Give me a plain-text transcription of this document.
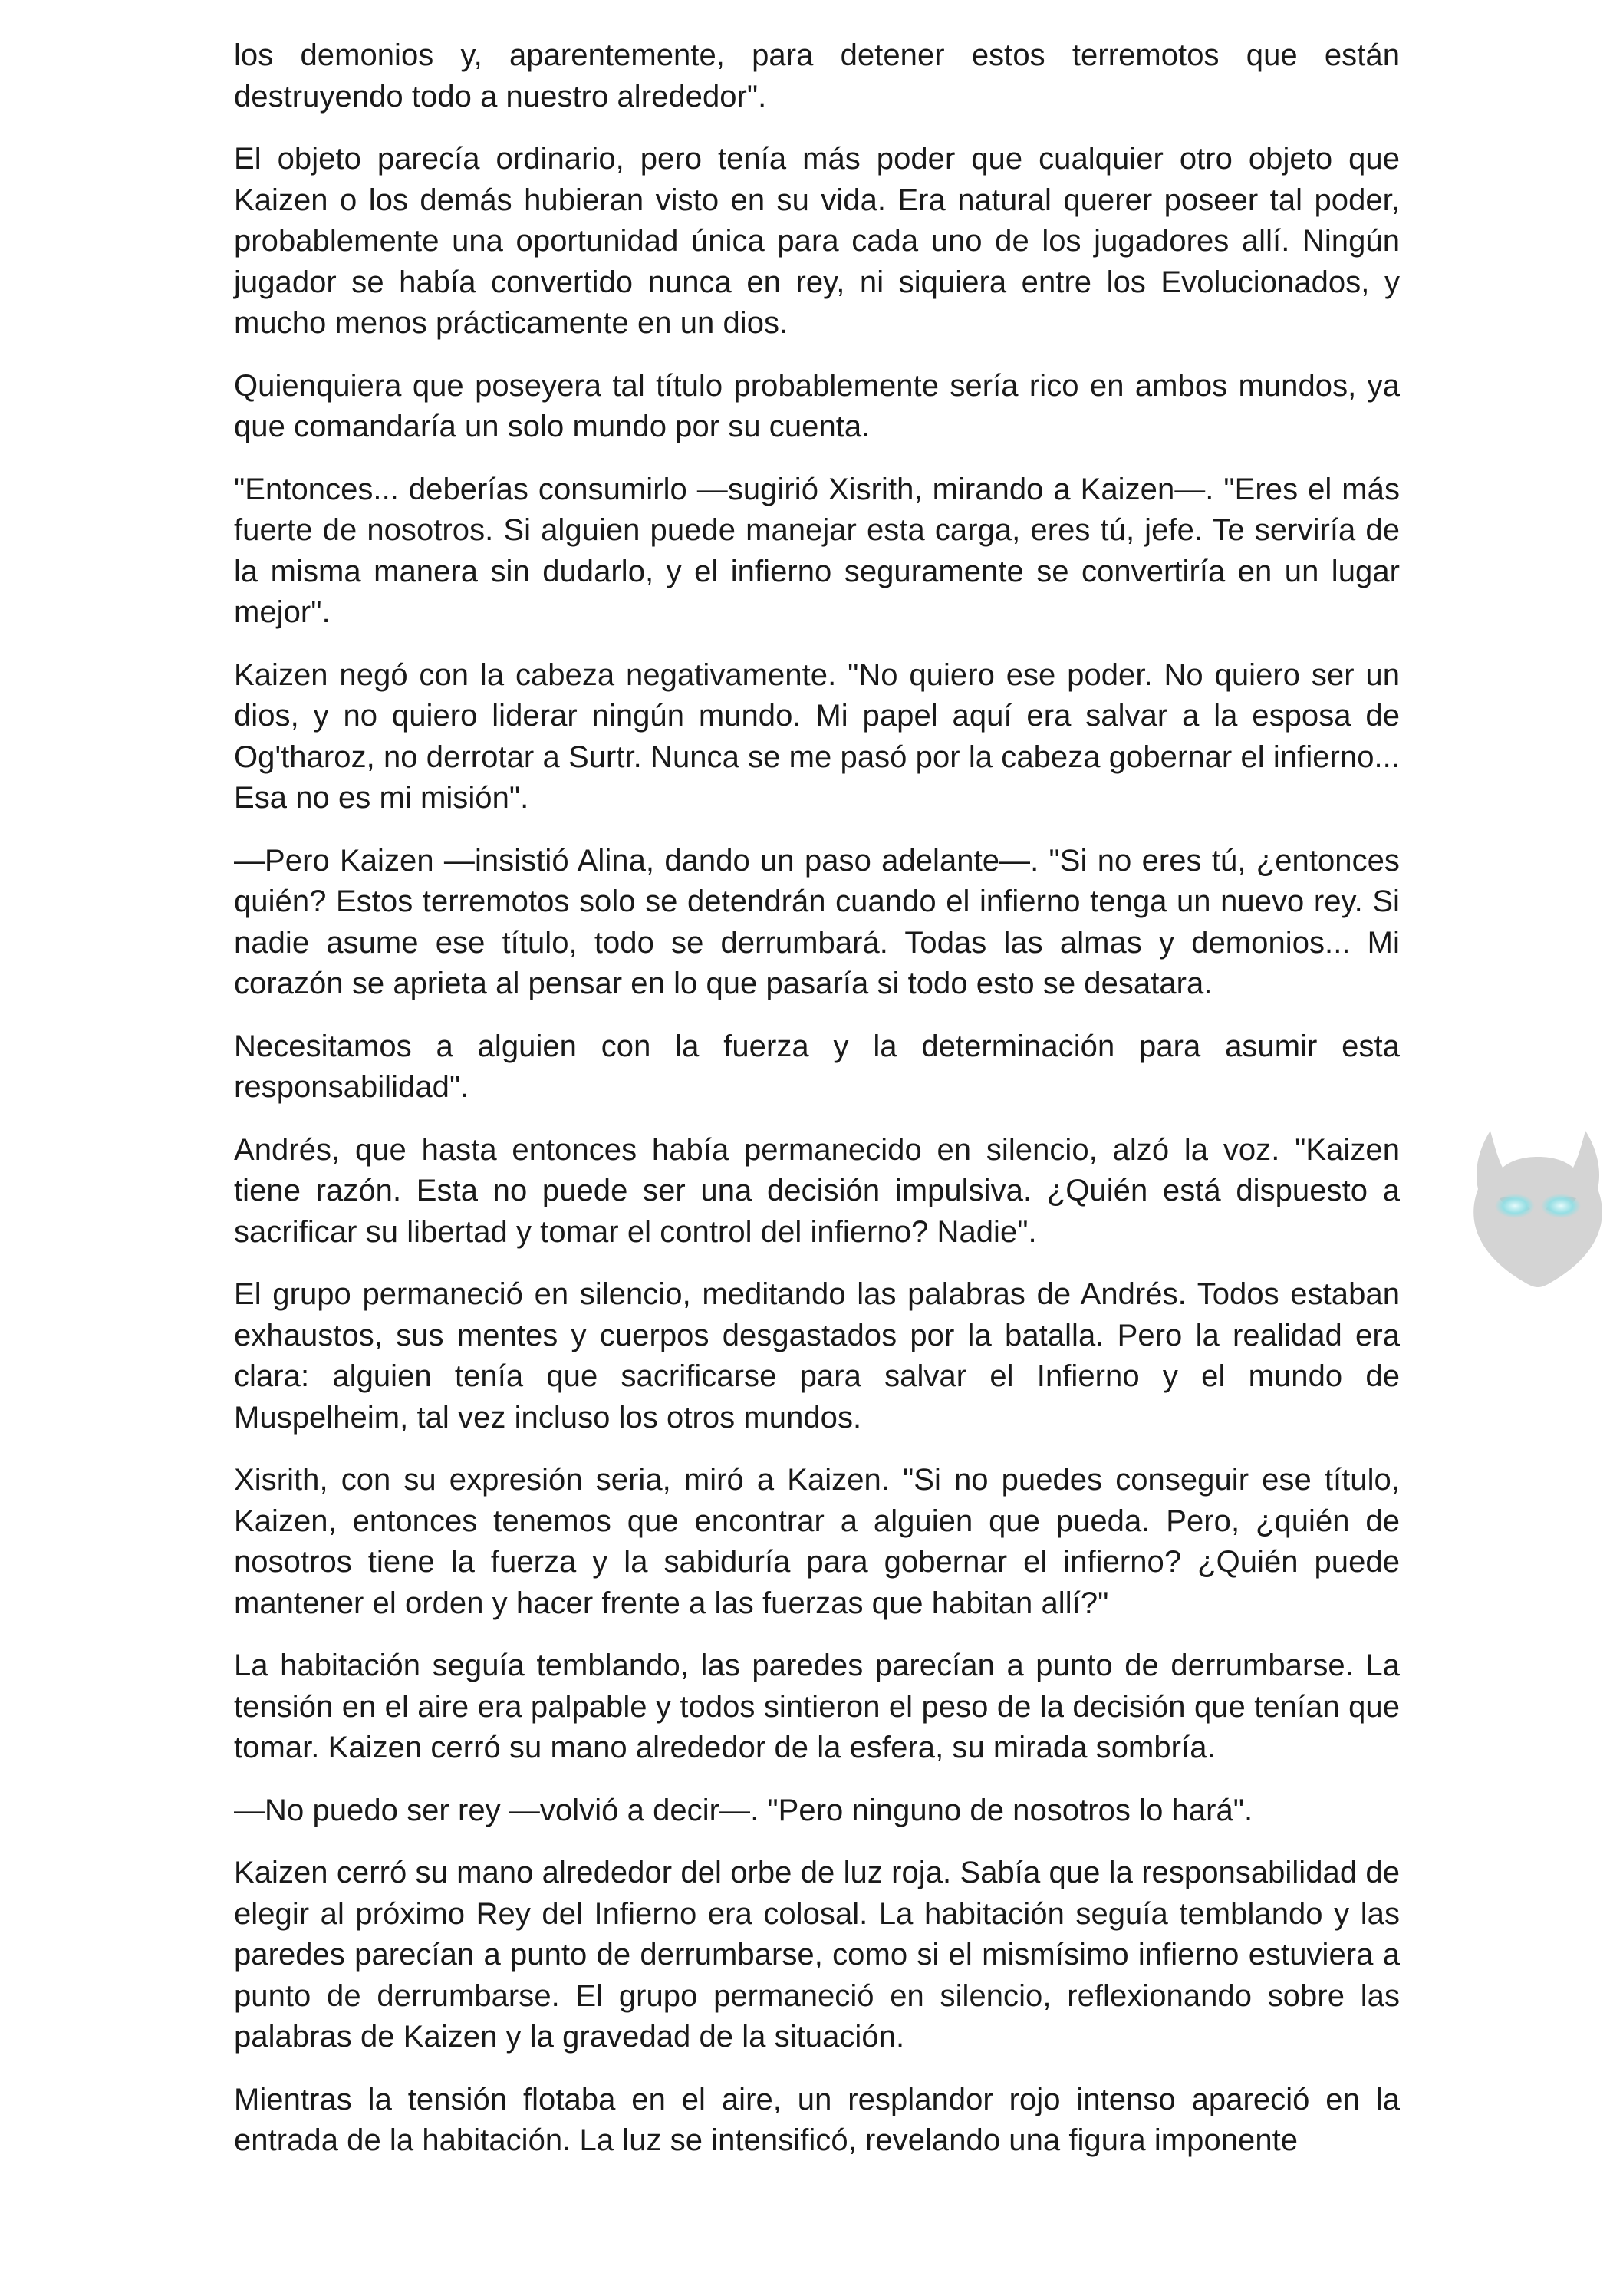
los demonios y, aparentemente, para detener estos terremotos que están destruyendo todo a nuestro alrededor".

El objeto parecía ordinario, pero tenía más poder que cualquier otro objeto que Kaizen o los demás hubieran visto en su vida. Era natural querer poseer tal poder, probablemente una oportunidad única para cada uno de los jugadores allí. Ningún jugador se había convertido nunca en rey, ni siquiera entre los Evolucionados, y mucho menos prácticamente en un dios.

Quienquiera que poseyera tal título probablemente sería rico en ambos mundos, ya que comandaría un solo mundo por su cuenta.

"Entonces... deberías consumirlo —sugirió Xisrith, mirando a Kaizen—. "Eres el más fuerte de nosotros. Si alguien puede manejar esta carga, eres tú, jefe. Te serviría de la misma manera sin dudarlo, y el infierno seguramente se convertiría en un lugar mejor".

Kaizen negó con la cabeza negativamente. "No quiero ese poder. No quiero ser un dios, y no quiero liderar ningún mundo. Mi papel aquí era salvar a la esposa de Og'tharoz, no derrotar a Surtr. Nunca se me pasó por la cabeza gobernar el infierno... Esa no es mi misión".

—Pero Kaizen —insistió Alina, dando un paso adelante—. "Si no eres tú, ¿entonces quién? Estos terremotos solo se detendrán cuando el infierno tenga un nuevo rey. Si nadie asume ese título, todo se derrumbará. Todas las almas y demonios... Mi corazón se aprieta al pensar en lo que pasaría si todo esto se desatara.

Necesitamos a alguien con la fuerza y la determinación para asumir esta responsabilidad".

Andrés, que hasta entonces había permanecido en silencio, alzó la voz. "Kaizen tiene razón. Esta no puede ser una decisión impulsiva. ¿Quién está dispuesto a sacrificar su libertad y tomar el control del infierno? Nadie".

El grupo permaneció en silencio, meditando las palabras de Andrés. Todos estaban exhaustos, sus mentes y cuerpos desgastados por la batalla. Pero la realidad era clara: alguien tenía que sacrificarse para salvar el Infierno y el mundo de Muspelheim, tal vez incluso los otros mundos.

Xisrith, con su expresión seria, miró a Kaizen. "Si no puedes conseguir ese título, Kaizen, entonces tenemos que encontrar a alguien que pueda. Pero, ¿quién de nosotros tiene la fuerza y la sabiduría para gobernar el infierno? ¿Quién puede mantener el orden y hacer frente a las fuerzas que habitan allí?"

La habitación seguía temblando, las paredes parecían a punto de derrumbarse. La tensión en el aire era palpable y todos sintieron el peso de la decisión que tenían que tomar. Kaizen cerró su mano alrededor de la esfera, su mirada sombría.

—No puedo ser rey —volvió a decir—. "Pero ninguno de nosotros lo hará".

Kaizen cerró su mano alrededor del orbe de luz roja. Sabía que la responsabilidad de elegir al próximo Rey del Infierno era colosal. La habitación seguía temblando y las paredes parecían a punto de derrumbarse, como si el mismísimo infierno estuviera a punto de derrumbarse. El grupo permaneció en silencio, reflexionando sobre las palabras de Kaizen y la gravedad de la situación.

Mientras la tensión flotaba en el aire, un resplandor rojo intenso apareció en la entrada de la habitación. La luz se intensificó, revelando una figura imponente
